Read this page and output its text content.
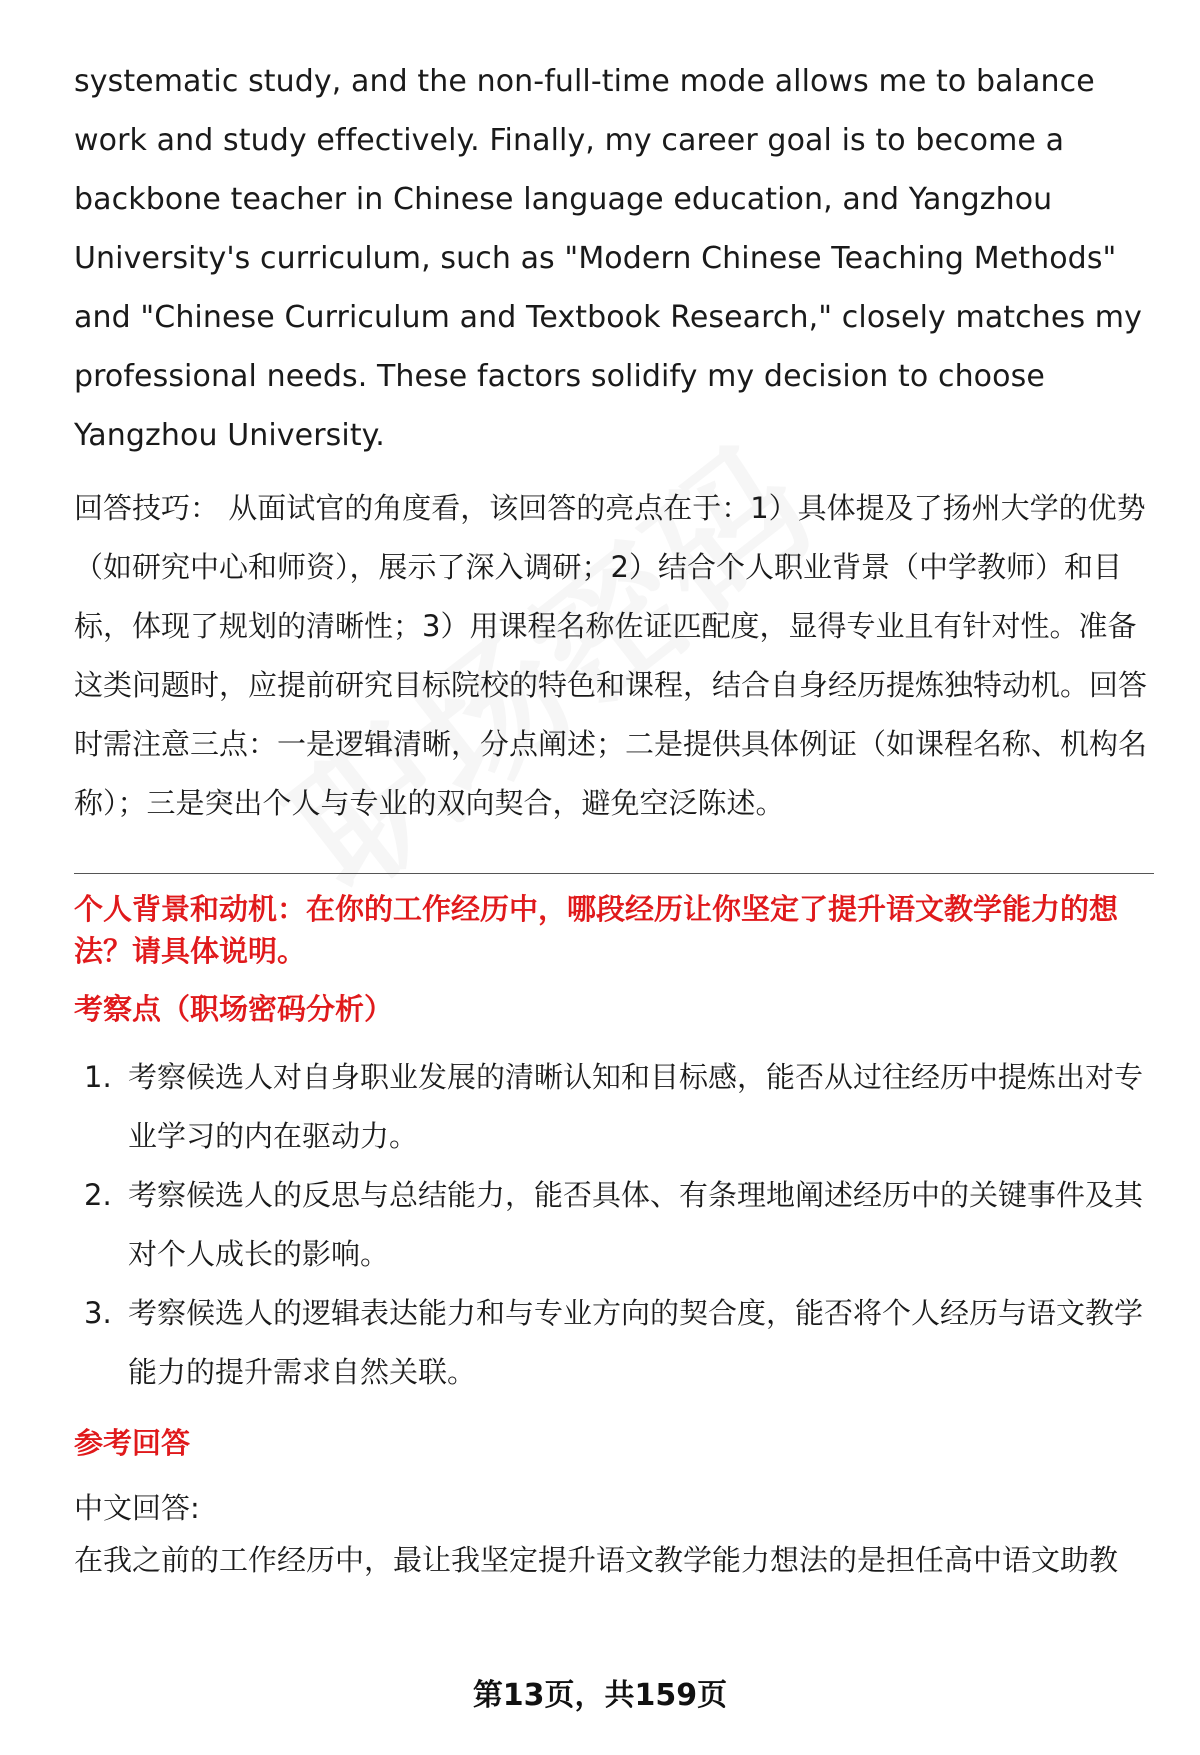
systematic study, and the non-full-time mode allows me to balance work and study effectively. Finally, my career goal is to become a backbone teacher in Chinese language education, and Yangzhou University's curriculum, such as "Modern Chinese Teaching Methods" and "Chinese Curriculum and Textbook Research," closely matches my professional needs. These factors solidify my decision to choose Yangzhou University.

回答技巧： 从面试官的角度看，该回答的亮点在于：1）具体提及了扬州大学的优势（如研究中心和师资），展示了深入调研；2）结合个人职业背景（中学教师）和目标，体现了规划的清晰性；3）用课程名称佐证匹配度，显得专业且有针对性。准备这类问题时，应提前研究目标院校的特色和课程，结合自身经历提炼独特动机。回答时需注意三点：一是逻辑清晰，分点阐述；二是提供具体例证（如课程名称、机构名称）；三是突出个人与专业的双向契合，避免空泛陈述。

个人背景和动机：在你的工作经历中，哪段经历让你坚定了提升语文教学能力的想法？请具体说明。

考察点（职场密码分析）

1. 考察候选人对自身职业发展的清晰认知和目标感，能否从过往经历中提炼出对专业学习的内在驱动力。
2. 考察候选人的反思与总结能力，能否具体、有条理地阐述经历中的关键事件及其对个人成长的影响。
3. 考察候选人的逻辑表达能力和与专业方向的契合度，能否将个人经历与语文教学能力的提升需求自然关联。

参考回答

中文回答:

在我之前的工作经历中，最让我坚定提升语文教学能力想法的是担任高中语文助教

第13页，共159页
